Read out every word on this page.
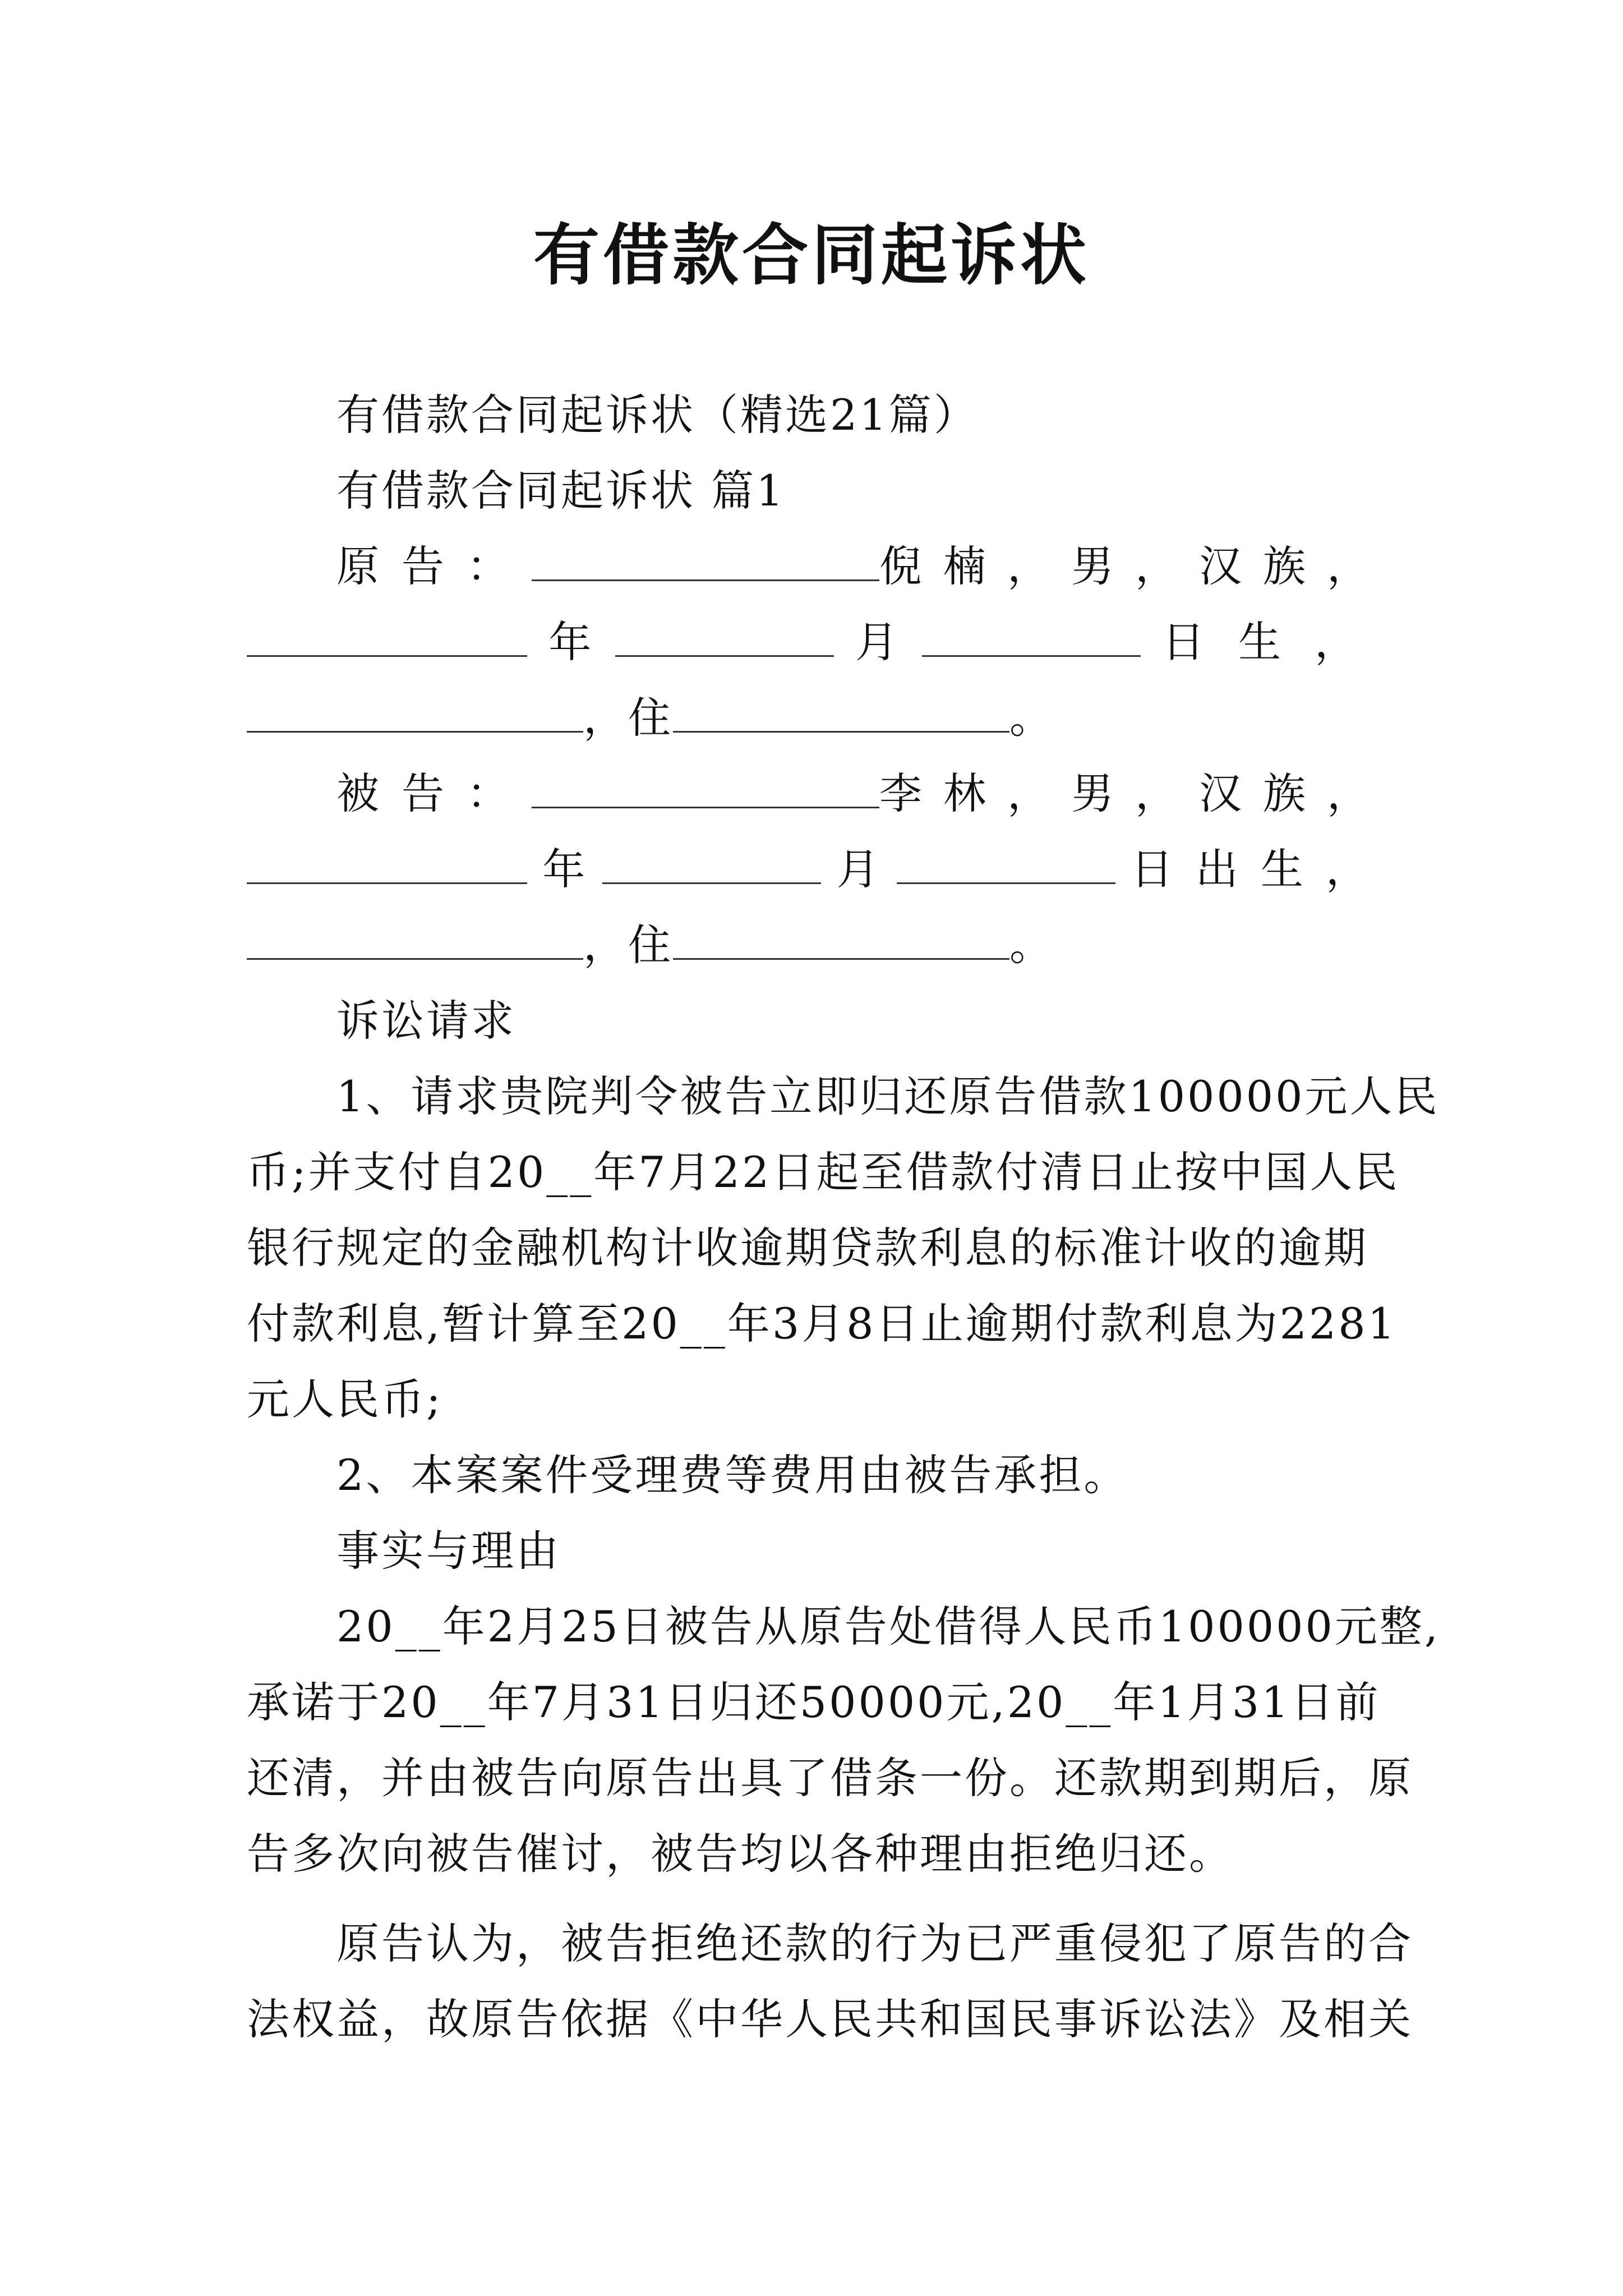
有借款合同起诉状
有借款合同起诉状（精选21篇）
有借款合同起诉状 篇1
原告：	倪楠，男，汉族，
年	月	日生，
，住	。
被告：	李林，男，汉族，
年	月	日出生，
，住	。
诉讼请求
1、请求贵院判令被告立即归还原告借款100000元人民
币;并支付自20__年7月22日起至借款付清日止按中国人民
银行规定的金融机构计收逾期贷款利息的标准计收的逾期
付款利息,暂计算至20__年3月8日止逾期付款利息为2281
元人民币;
2、本案案件受理费等费用由被告承担。
事实与理由
20__年2月25日被告从原告处借得人民币100000元整,
承诺于20__年7月31日归还50000元,20__年1月31日前
还清，并由被告向原告出具了借条一份。还款期到期后，原
告多次向被告催讨，被告均以各种理由拒绝归还。
原告认为，被告拒绝还款的行为已严重侵犯了原告的合
法权益，故原告依据《中华人民共和国民事诉讼法》及相关
